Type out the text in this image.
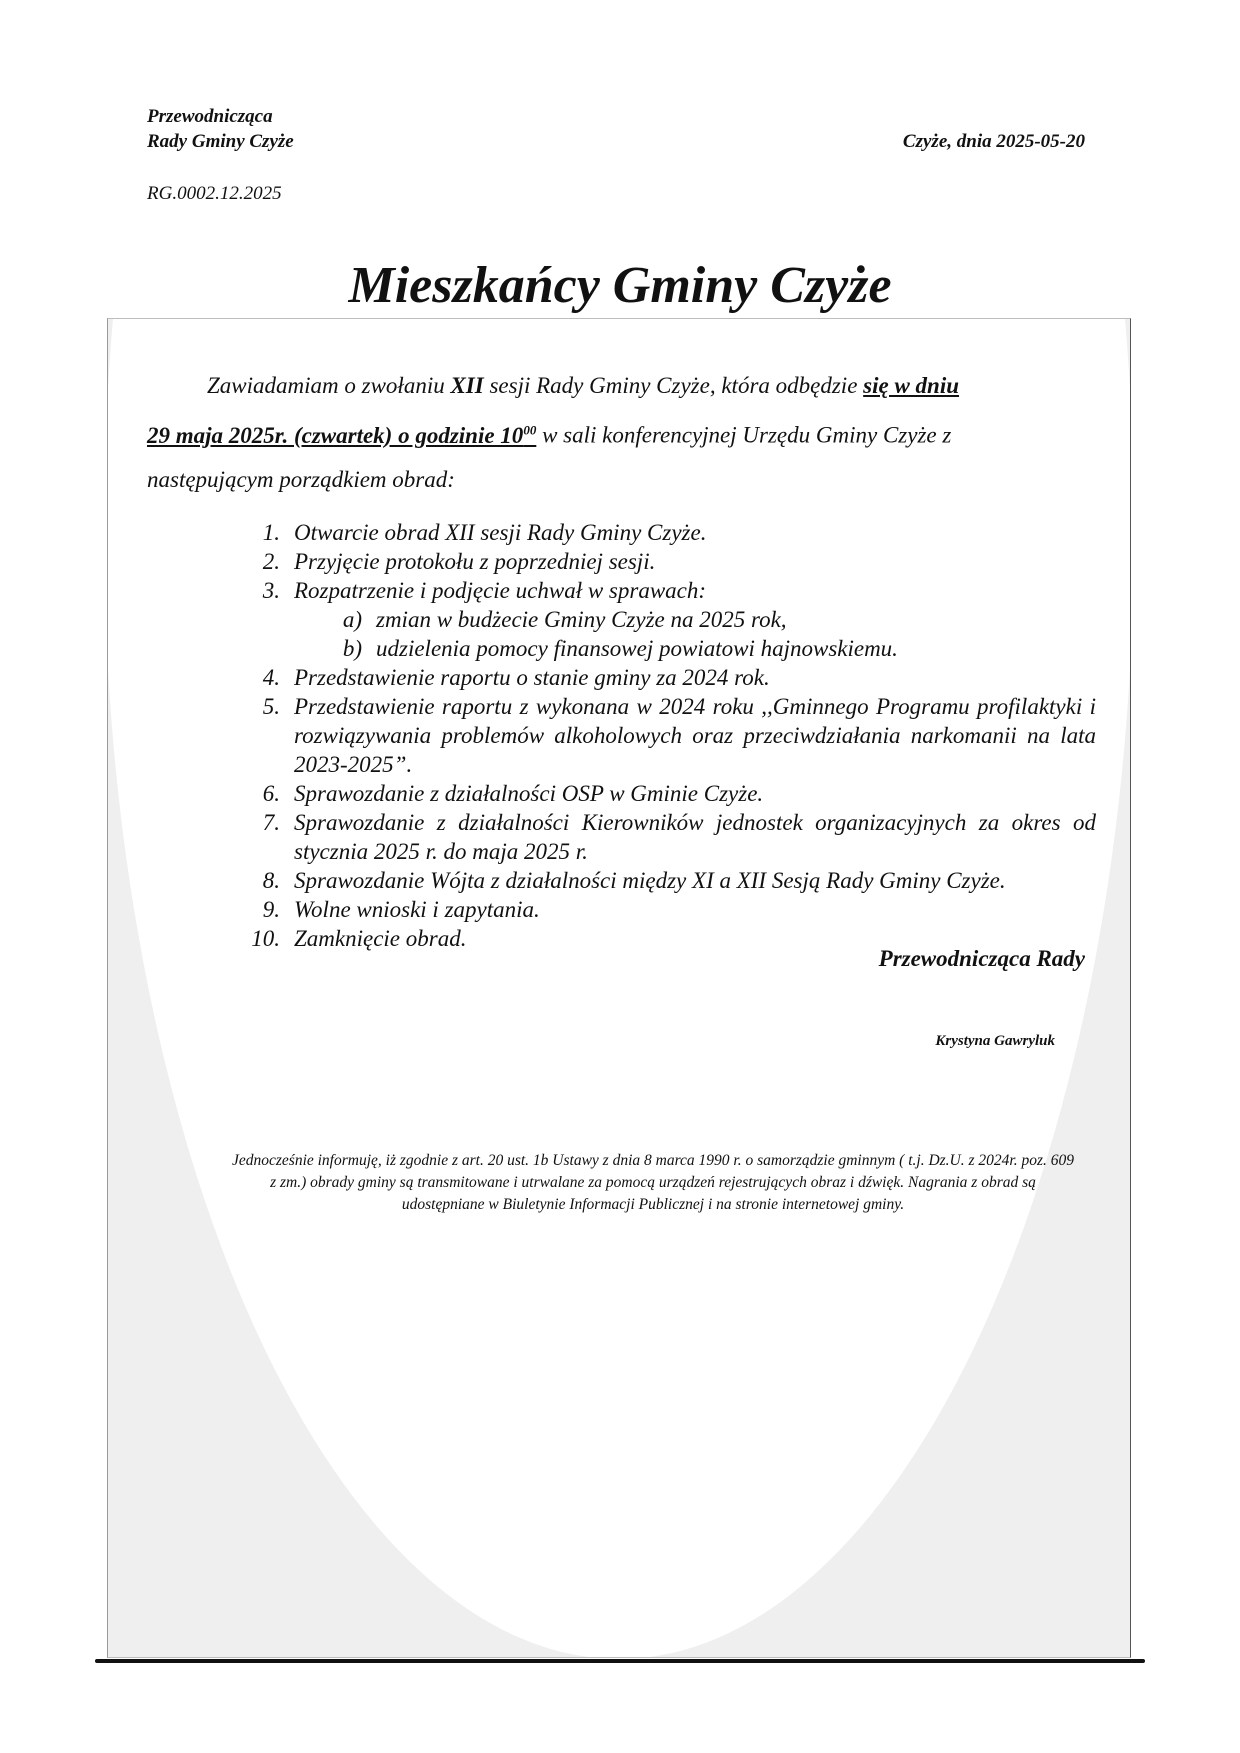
Przewodnicząca
Rady Gminy Czyże	Czyże, dnia 2025-05-20
RG.0002.12.2025
Mieszkańcy Gminy Czyże
Zawiadamiam o zwołaniu XII sesji Rady Gminy Czyże, która odbędzie się w dniu
29 maja 2025r. (czwartek) o godzinie $10^{00}$ w sali konferencyjnej Urzędu Gminy Czyże z
następującym porządkiem obrad:
1. Otwarcie obrad XII sesji Rady Gminy Czyże.
2. Przyjęcie protokołu z poprzedniej sesji.
3. Rozpatrzenie i podjęcie uchwał w sprawach:
a) zmian w budżecie Gminy Czyże na 2025 rok,
b) udzielenia pomocy finansowej powiatowi hajnowskiemu.
4. Przedstawienie raportu o stanie gminy za 2024 rok.
5. Przedstawienie raportu z wykonana w 2024 roku ,,Gminnego Programu profilaktyki i rozwiązywania problemów alkoholowych oraz przeciwdziałania narkomanii na lata 2023-2025”.
6. Sprawozdanie z działalności OSP w Gminie Czyże.
7. Sprawozdanie z działalności Kierowników jednostek organizacyjnych za okres od stycznia 2025 r. do maja 2025 r.
8. Sprawozdanie Wójta z działalności między XI a XII Sesją Rady Gminy Czyże.
9. Wolne wnioski i zapytania.
10. Zamknięcie obrad.
Przewodnicząca Rady
Krystyna Gawryluk
Jednocześnie informuję, iż zgodnie z art. 20 ust. 1b Ustawy z dnia 8 marca 1990 r. o samorządzie gminnym ( t.j. Dz.U. z 2024r. poz. 609 z zm.) obrady gminy są transmitowane i utrwalane za pomocą urządzeń rejestrujących obraz i dźwięk. Nagrania z obrad są udostępniane w Biuletynie Informacji Publicznej i na stronie internetowej gminy.
